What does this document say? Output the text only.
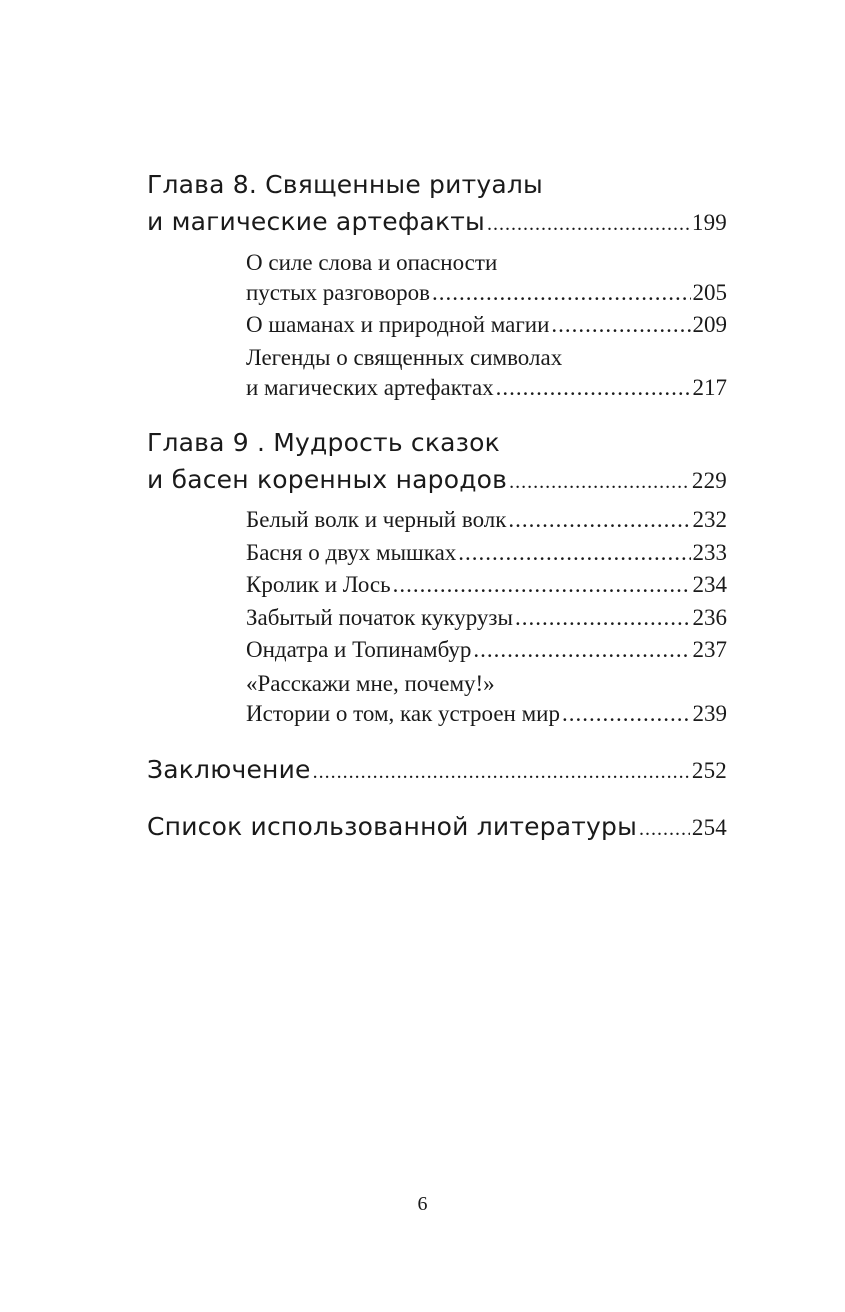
Глава 8. Священные ритуалы
и магические артефакты .....	199
О силе слова и опасности
пустых разговоров .....	205
О шаманах и природной магии .....	209
Легенды о священных символах
и магических артефактах .....	217
Глава 9 . Мудрость сказок
и басен коренных народов .....	229
Белый волк и черный волк .....	232
Басня о двух мышках .....	233
Кролик и Лось .....	234
Забытый початок кукурузы .....	236
Ондатра и Топинамбур .....	237
«Расскажи мне, почему!»
Истории о том, как устроен мир .....	239
Заключение .....	252
Список использованной литературы ..... 254
6
